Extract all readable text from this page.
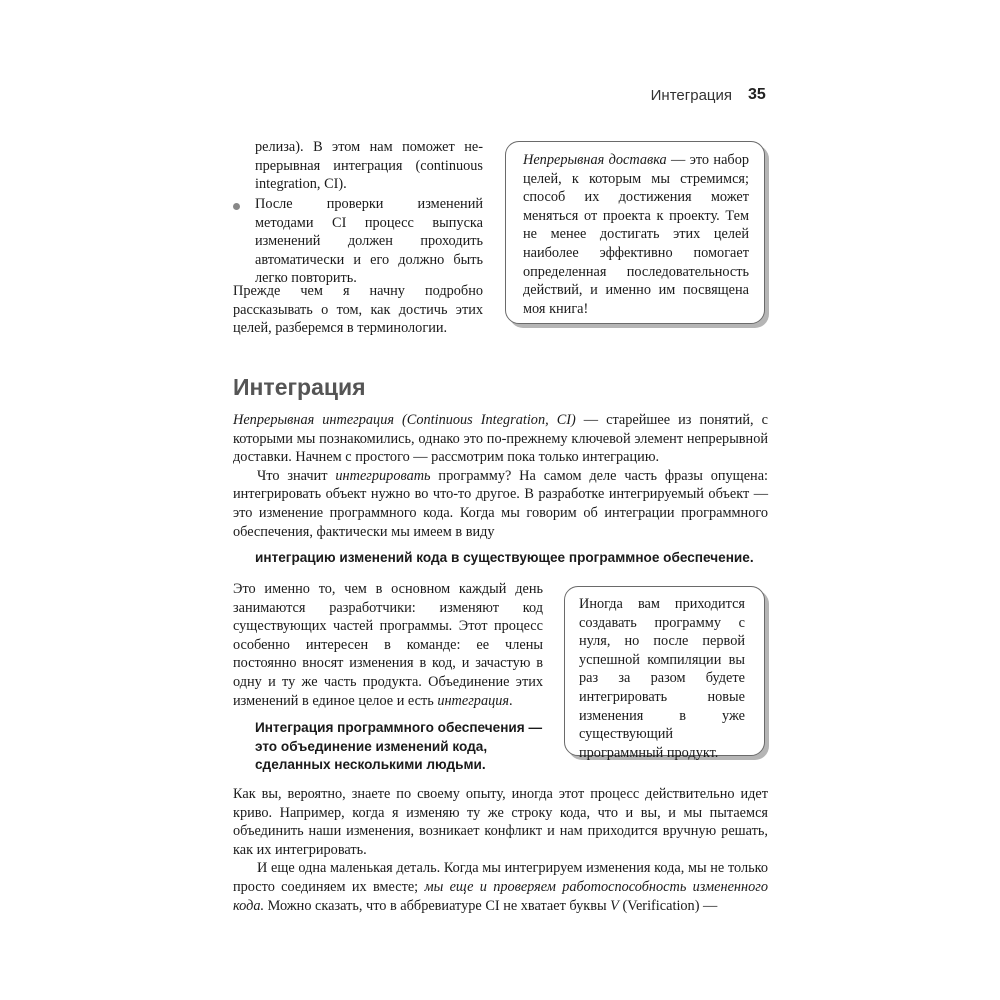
Интеграция 35

релиза). В этом нам поможет не- прерывная интеграция (continuous integration, CI).

После проверки изменений методами CI процесс выпуска изменений должен проходить автоматически и его должно быть легко повторить.

Прежде чем я начну подробно рассказывать о том, как достичь этих целей, разберемся в терминологии.

Непрерывная доставка — это набор целей, к которым мы стремимся; способ их достижения может меняться от проекта к проекту. Тем не менее достигать этих целей наиболее эффективно помогает определенная последовательность действий, и именно им посвящена моя книга!

Интеграция

Непрерывная интеграция (Continuous Integration, CI) — старейшее из понятий, с которыми мы познакомились, однако это по-прежнему ключевой элемент непрерывной доставки. Начнем с простого — рассмотрим пока только интеграцию.

Что значит интегрировать программу? На самом деле часть фразы опущена: интегрировать объект нужно во что-то другое. В разработке интегрируемый объект — это изменение программного кода. Когда мы говорим об интеграции программного обеспечения, фактически мы имеем в виду

интеграцию изменений кода в существующее программное обеспечение.

Это именно то, чем в основном каждый день занимаются разработчики: изменяют код существующих частей программы. Этот процесс особенно интересен в команде: ее члены постоянно вносят изменения в код, и зачастую в одну и ту же часть продукта. Объединение этих изменений в единое целое и есть интеграция.

Интеграция программного обеспечения — это объединение изменений кода, сделанных несколькими людьми.

Иногда вам приходится создавать программу с нуля, но после первой успешной компиляции вы раз за разом будете интегрировать новые изменения в уже существующий программный продукт.

Как вы, вероятно, знаете по своему опыту, иногда этот процесс действительно идет криво. Например, когда я изменяю ту же строку кода, что и вы, и мы пытаемся объединить наши изменения, возникает конфликт и нам приходится вручную решать, как их интегрировать.

И еще одна маленькая деталь. Когда мы интегрируем изменения кода, мы не только просто соединяем их вместе; мы еще и проверяем работоспособность измененного кода. Можно сказать, что в аббревиатуре CI не хватает буквы V (Verification) —
